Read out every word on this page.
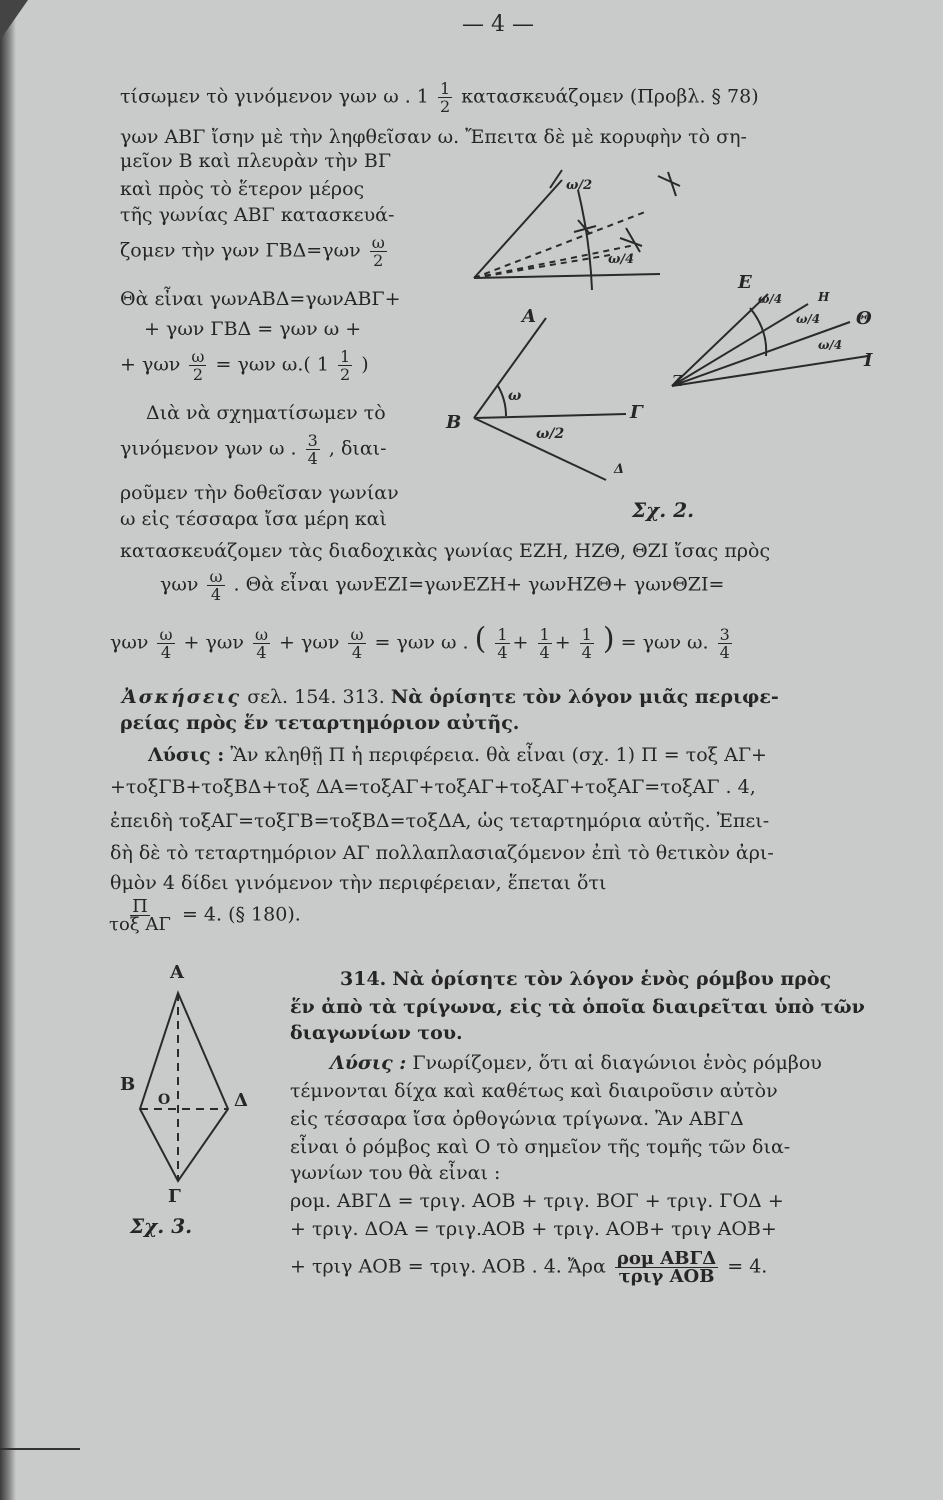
— 4 —
τίσωμεν τὸ γινόμενον γων ω . $1 \frac{1}{2}$ κατασκευάζομεν (Προβλ. § 78)
γων ΑΒΓ ἴσην μὲ τὴν ληφθεῖσαν ω. Ἔπειτα δὲ μὲ κορυφὴν τὸ ση-
μεῖον Β καὶ πλευρὰν τὴν ΒΓ
καὶ πρὸς τὸ ἕτερον μέρος
τῆς γωνίας ΑΒΓ κατασκευά-
ζομεν τὴν γων $\Gamma B\Delta=\gamma\omega\nu \frac{\omega}{2}$
Θὰ εἶναι γωνΑΒΔ=γωνΑΒΓ+
+ γων ΓΒΔ = γων ω +
+ γων $\frac{\omega}{2} = \gamma\omega\nu$ ω.( $1 \frac{1}{2}$ )
Διὰ νὰ σχηματίσωμεν τὸ
γινόμενον γων ω . $\frac{3}{4}$ , διαι-
ροῦμεν τὴν δοθεῖσαν γωνίαν
ω εἰς τέσσαρα ἴσα μέρη καὶ
κατασκευάζομεν τὰς διαδοχικὰς γωνίας ΕΖΗ, ΗΖΘ, ΘΖΙ ἴσας πρὸς
γων $\frac{\omega}{4}$ . Θὰ εἶναι γωνΕΖΙ=γωνΕΖΗ+ γωνΗΖΘ+ γωνΘΖΙ=
γων $\frac{\omega}{4} + \gamma\omega\nu \frac{\omega}{4} + \gamma\omega\nu \frac{\omega}{4} = \gamma\omega\nu$ ω . ( $\frac{1}{4} + \frac{1}{4} + \frac{1}{4}$ ) = γων ω. $\frac{3}{4}$
Ἀσκήσεις σελ. 154. 313. Νὰ ὁρίσητε τὸν λόγον μιᾶς περιφε-
ρείας πρὸς ἕν τεταρτημόριον αὐτῆς.
Λύσις : Ἂν κληθῇ Π ἡ περιφέρεια. θὰ εἶναι (σχ. 1) Π = τοξ ΑΓ+
+τοξΓΒ+τοξΒΔ+τοξ ΔΑ=τοξΑΓ+τοξΑΓ+τοξΑΓ+τοξΑΓ=τοξΑΓ . 4,
ἐπειδὴ τοξΑΓ=τοξΓΒ=τοξΒΔ=τοξΔΑ, ὡς τεταρτημόρια αὐτῆς. Ἐπει-
δὴ δὲ τὸ τεταρτημόριον ΑΓ πολλαπλασιαζόμενον ἐπὶ τὸ θετικὸν ἀρι-
θμὸν 4 δίδει γινόμενον τὴν περιφέρειαν, ἕπεται ὅτι
$\frac{\Pi}{\text{τοξ ΑΓ}} = 4$. (§ 180).
314. Νὰ ὁρίσητε τὸν λόγον ἑνὸς ρόμβου πρὸς
ἕν ἀπὸ τὰ τρίγωνα, εἰς τὰ ὁποῖα διαιρεῖται ὑπὸ τῶν
διαγωνίων του.
Λύσις : Γνωρίζομεν, ὅτι αἱ διαγώνιοι ἑνὸς ρόμβου
τέμνονται δίχα καὶ καθέτως καὶ διαιροῦσιν αὐτὸν
εἰς τέσσαρα ἴσα ὀρθογώνια τρίγωνα. Ἂν ΑΒΓΔ
εἶναι ὁ ρόμβος καὶ Ο τὸ σημεῖον τῆς τομῆς τῶν δια-
γωνίων του θὰ εἶναι :
ρομ. ΑΒΓΔ = τριγ. ΑΟΒ + τριγ. ΒΟΓ + τριγ. ΓΟΔ +
+ τριγ. ΔΟΑ = τριγ.ΑΟΒ + τριγ. ΑΟΒ+ τριγ ΑΟΒ+
+ τριγ ΑΟΒ = τριγ. ΑΟΒ . 4. Ἄρα $\frac{\text{ρομ ΑΒΓΔ}}{\text{τριγ ΑΟΒ}} = 4$.
Α
Β	Γ
Δ
ω
ω/2
Ε
Ζ
Η
Θ
Ι
ω/4
ω/4
ω/4
ω/2
ω/4
Σχ. 2.
Α
Β
Γ
Δ
Ο
Σχ. 3.
